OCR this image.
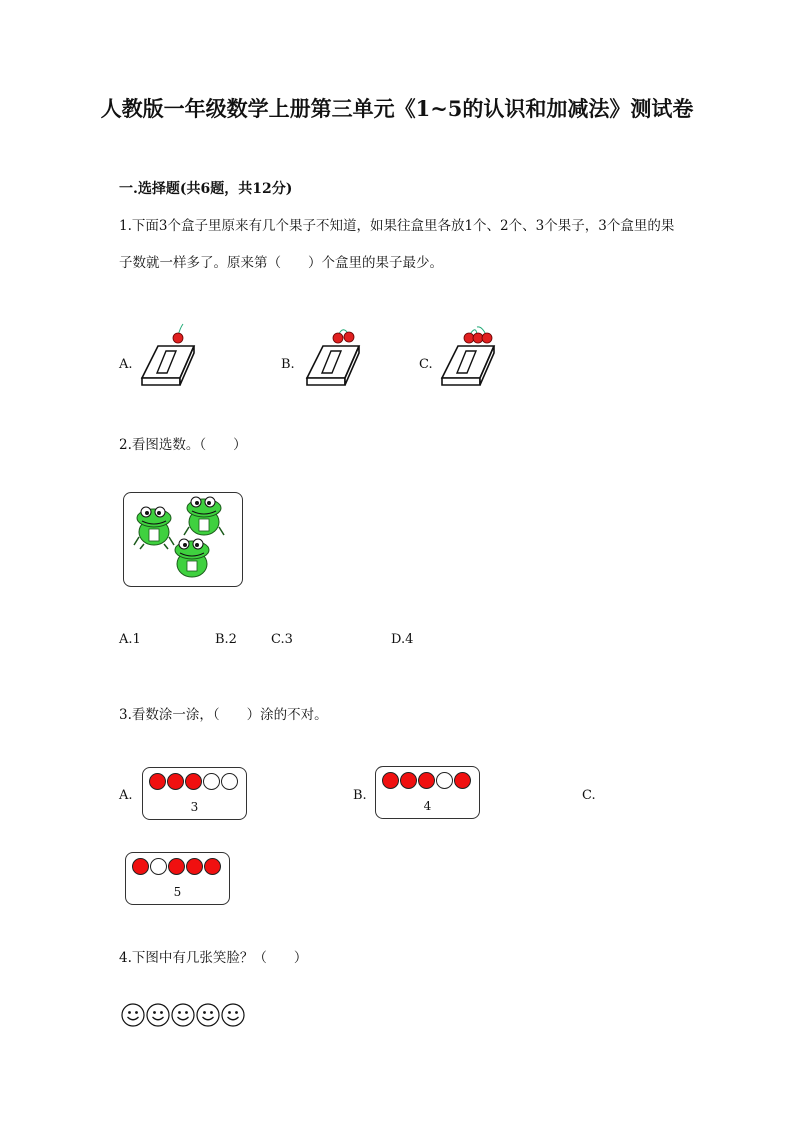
人教版一年级数学上册第三单元《1~5的认识和加减法》测试卷
一.选择题(共6题，共12分)
1.下面3个盒子里原来有几个果子不知道，如果往盒里各放1个、2个、3个果子，3个盒里的果子数就一样多了。原来第（　　）个盒里的果子最少。
A.	B.	C.
2.看图选数。（　　）
A.1	B.2	C.3	D.4
3.看数涂一涂，（　　）涂的不对。
A.
3
B.
4
C.
5
4.下图中有几张笑脸？（　　）
